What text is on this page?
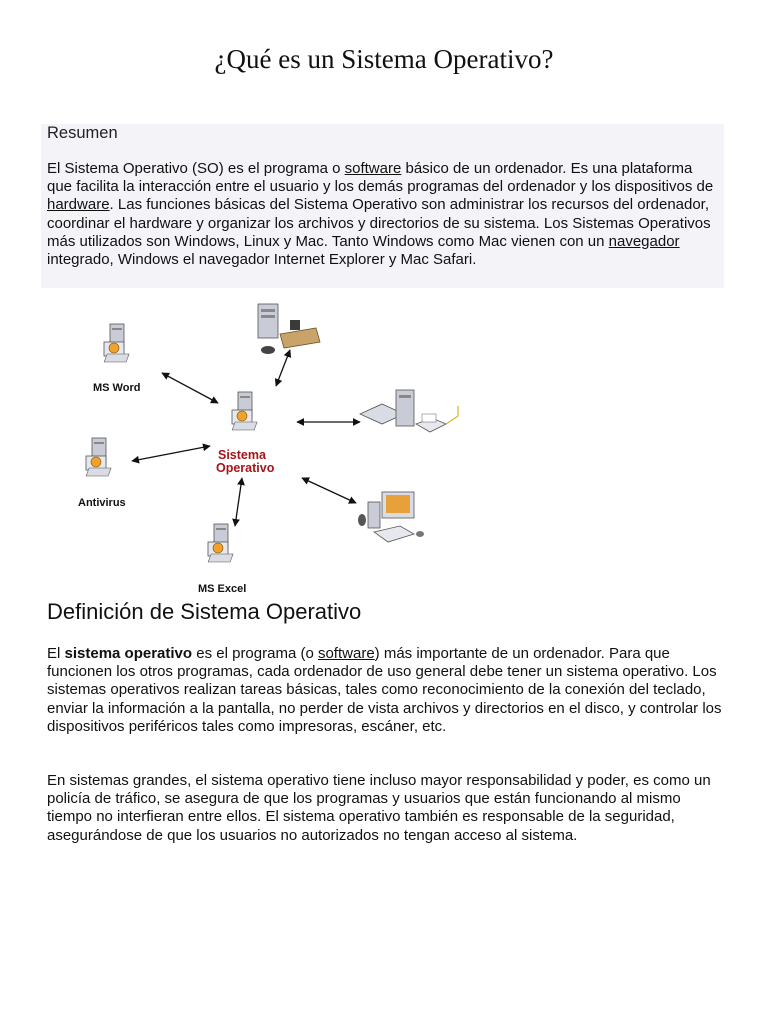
¿Qué es un Sistema Operativo?
Resumen
El Sistema Operativo (SO) es el programa o software básico de un ordenador. Es una plataforma que facilita la interacción entre el usuario y los demás programas del ordenador y los dispositivos de hardware. Las funciones básicas del Sistema Operativo son administrar los recursos del ordenador, coordinar el hardware y organizar los archivos y directorios de su sistema. Los Sistemas Operativos más utilizados son Windows, Linux y Mac. Tanto Windows como Mac vienen con un navegador integrado, Windows el navegador Internet Explorer y Mac Safari.
MS Word
Sistema
Operativo
Antivirus
MS Excel
Definición de Sistema Operativo

El sistema operativo es el programa (o software) más importante de un ordenador. Para que funcionen los otros programas, cada ordenador de uso general debe tener un sistema operativo. Los sistemas operativos realizan tareas básicas, tales como reconocimiento de la conexión del teclado, enviar la información a la pantalla, no perder de vista archivos y directorios en el disco, y controlar los dispositivos periféricos tales como impresoras, escáner, etc.

En sistemas grandes, el sistema operativo tiene incluso mayor responsabilidad y poder, es como un policía de tráfico, se asegura de que los programas y usuarios que están funcionando al mismo tiempo no interfieran entre ellos. El sistema operativo también es responsable de la seguridad, asegurándose de que los usuarios no autorizados no tengan acceso al sistema.
